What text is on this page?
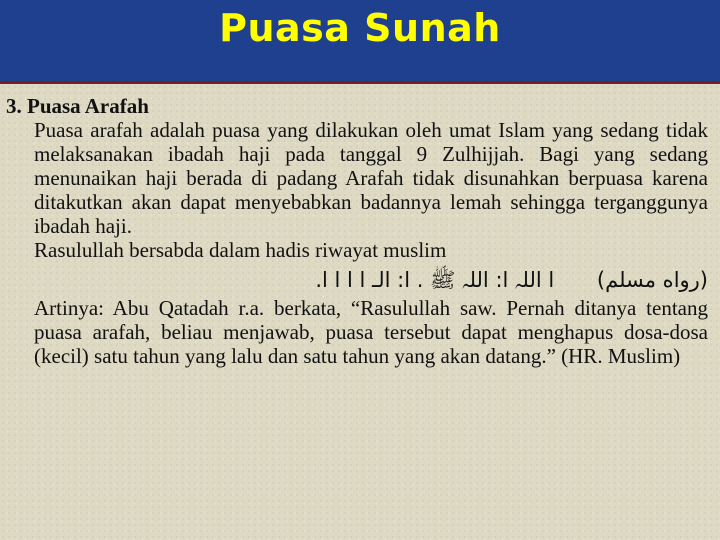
Puasa Sunah
3. Puasa Arafah
Puasa arafah adalah puasa yang dilakukan oleh umat Islam yang sedang tidak melaksanakan ibadah haji pada tanggal 9 Zulhijjah. Bagi yang sedang menunaikan haji berada di padang Arafah tidak disunahkan berpuasa karena ditakutkan akan dapat menyebabkan badannya lemah sehingga terganggunya ibadah haji.
Rasulullah bersabda dalam hadis riwayat muslim
(رواه مسلم) ا اللہ ا: اللہ ﷺ . ا: الـ ا ا ا ا.
Artinya: Abu Qatadah r.a. berkata, “Rasulullah saw. Pernah ditanya tentang puasa arafah, beliau menjawab, puasa tersebut dapat menghapus dosa-dosa (kecil) satu tahun yang lalu dan satu tahun yang akan datang.” (HR. Muslim)
